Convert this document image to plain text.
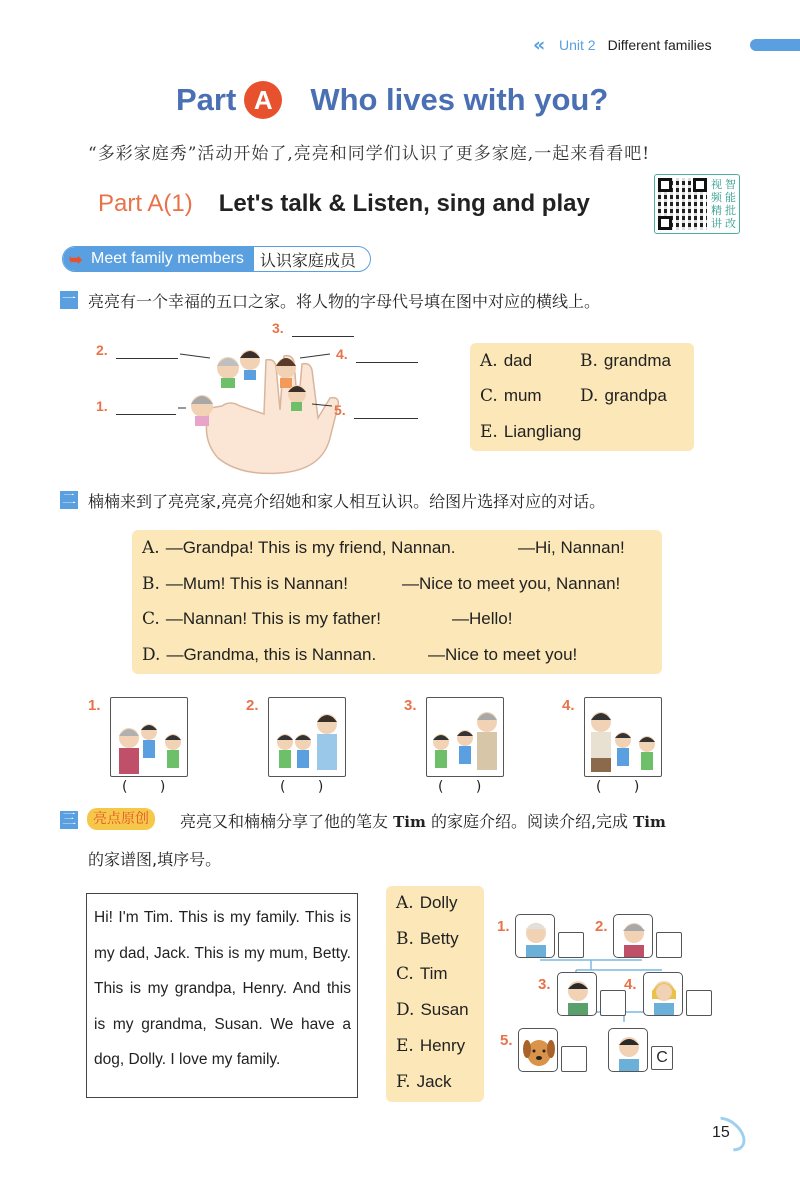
«	Unit 2 Different families
Part A	Who lives with you?
“多彩家庭秀”活动开始了,亮亮和同学们认识了更多家庭,一起来看看吧!
Part A(1) Let's talk & Listen, sing and play
视 智
频 能
精 批
讲 改
➥ Meet family members	认识家庭成员
一 亮亮有一个幸福的五口之家。将人物的字母代号填在图中对应的横线上。
2.
3.
4.
1.	5.
A. dad	B. grandma
C. mum D. grandpa
E. Liangliang
二 楠楠来到了亮亮家,亮亮介绍她和家人相互认识。给图片选择对应的对话。
A. —Grandpa! This is my friend, Nannan.	—Hi, Nannan!
B. —Mum! This is Nannan!	—Nice to meet you, Nannan!
C. —Nannan! This is my father!	—Hello!
D. —Grandma, this is Nannan.	—Nice to meet you!
1.
( )
2.
( )
3.
( )
4.
( )
三	亮点原创	亮亮又和楠楠分享了他的笔友 Tim 的家庭介绍。阅读介绍,完成 Tim
的家谱图,填序号。
Hi! I'm Tim. This is my family. This is my dad, Jack. This is my mum, Betty. This is my grandpa, Henry. And this is my grandma, Susan. We have a dog, Dolly. I love my family.
A. Dolly
B. Betty
C. Tim
D. Susan
E. Henry
F. Jack
1.	2.
3.	4.
5.
C
15
